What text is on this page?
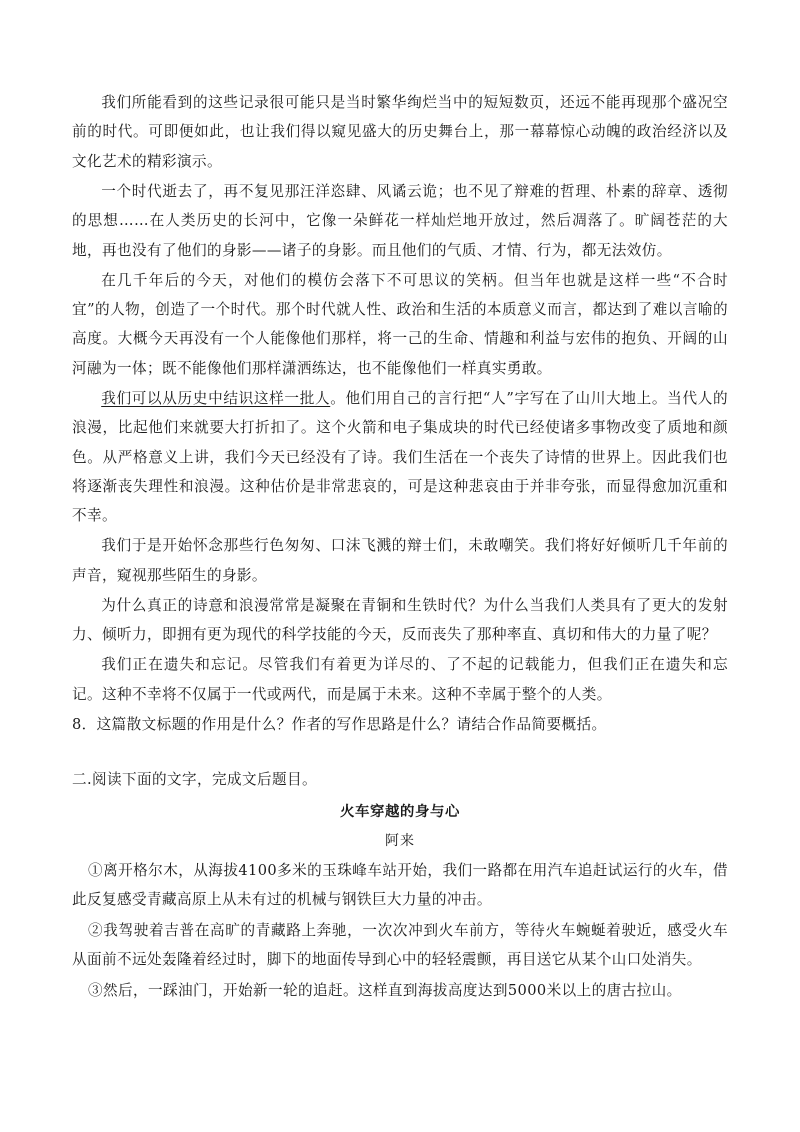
我们所能看到的这些记录很可能只是当时繁华绚烂当中的短短数页，还远不能再现那个盛况空前的时代。可即便如此，也让我们得以窥见盛大的历史舞台上，那一幕幕惊心动魄的政治经济以及文化艺术的精彩演示。

一个时代逝去了，再不复见那汪洋恣肆、风谲云诡；也不见了辩难的哲理、朴素的辞章、透彻的思想……在人类历史的长河中，它像一朵鲜花一样灿烂地开放过，然后凋落了。旷阔苍茫的大地，再也没有了他们的身影——诸子的身影。而且他们的气质、才情、行为，都无法效仿。

在几千年后的今天，对他们的模仿会落下不可思议的笑柄。但当年也就是这样一些“不合时宜”的人物，创造了一个时代。那个时代就人性、政治和生活的本质意义而言，都达到了难以言喻的高度。大概今天再没有一个人能像他们那样，将一己的生命、情趣和利益与宏伟的抱负、开阔的山河融为一体；既不能像他们那样潇洒练达，也不能像他们一样真实勇敢。

我们可以从历史中结识这样一批人。他们用自己的言行把“人”字写在了山川大地上。当代人的浪漫，比起他们来就要大打折扣了。这个火箭和电子集成块的时代已经使诸多事物改变了质地和颜色。从严格意义上讲，我们今天已经没有了诗。我们生活在一个丧失了诗情的世界上。因此我们也将逐渐丧失理性和浪漫。这种估价是非常悲哀的，可是这种悲哀由于并非夸张，而显得愈加沉重和不幸。

我们于是开始怀念那些行色匆匆、口沫飞溅的辩士们，未敢嘲笑。我们将好好倾听几千年前的声音，窥视那些陌生的身影。

为什么真正的诗意和浪漫常常是凝聚在青铜和生铁时代？为什么当我们人类具有了更大的发射力、倾听力，即拥有更为现代的科学技能的今天，反而丧失了那种率直、真切和伟大的力量了呢？

我们正在遗失和忘记。尽管我们有着更为详尽的、了不起的记载能力，但我们正在遗失和忘记。这种不幸将不仅属于一代或两代，而是属于未来。这种不幸属于整个的人类。

8．这篇散文标题的作用是什么？作者的写作思路是什么？请结合作品简要概括。

二.阅读下面的文字，完成文后题目。

火车穿越的身与心

阿来

①离开格尔木，从海拔4100多米的玉珠峰车站开始，我们一路都在用汽车追赶试运行的火车，借此反复感受青藏高原上从未有过的机械与钢铁巨大力量的冲击。

②我驾驶着吉普在高旷的青藏路上奔驰，一次次冲到火车前方，等待火车蜿蜒着驶近，感受火车从面前不远处轰隆着经过时，脚下的地面传导到心中的轻轻震颤，再目送它从某个山口处消失。

③然后，一踩油门，开始新一轮的追赶。这样直到海拔高度达到5000米以上的唐古拉山。
